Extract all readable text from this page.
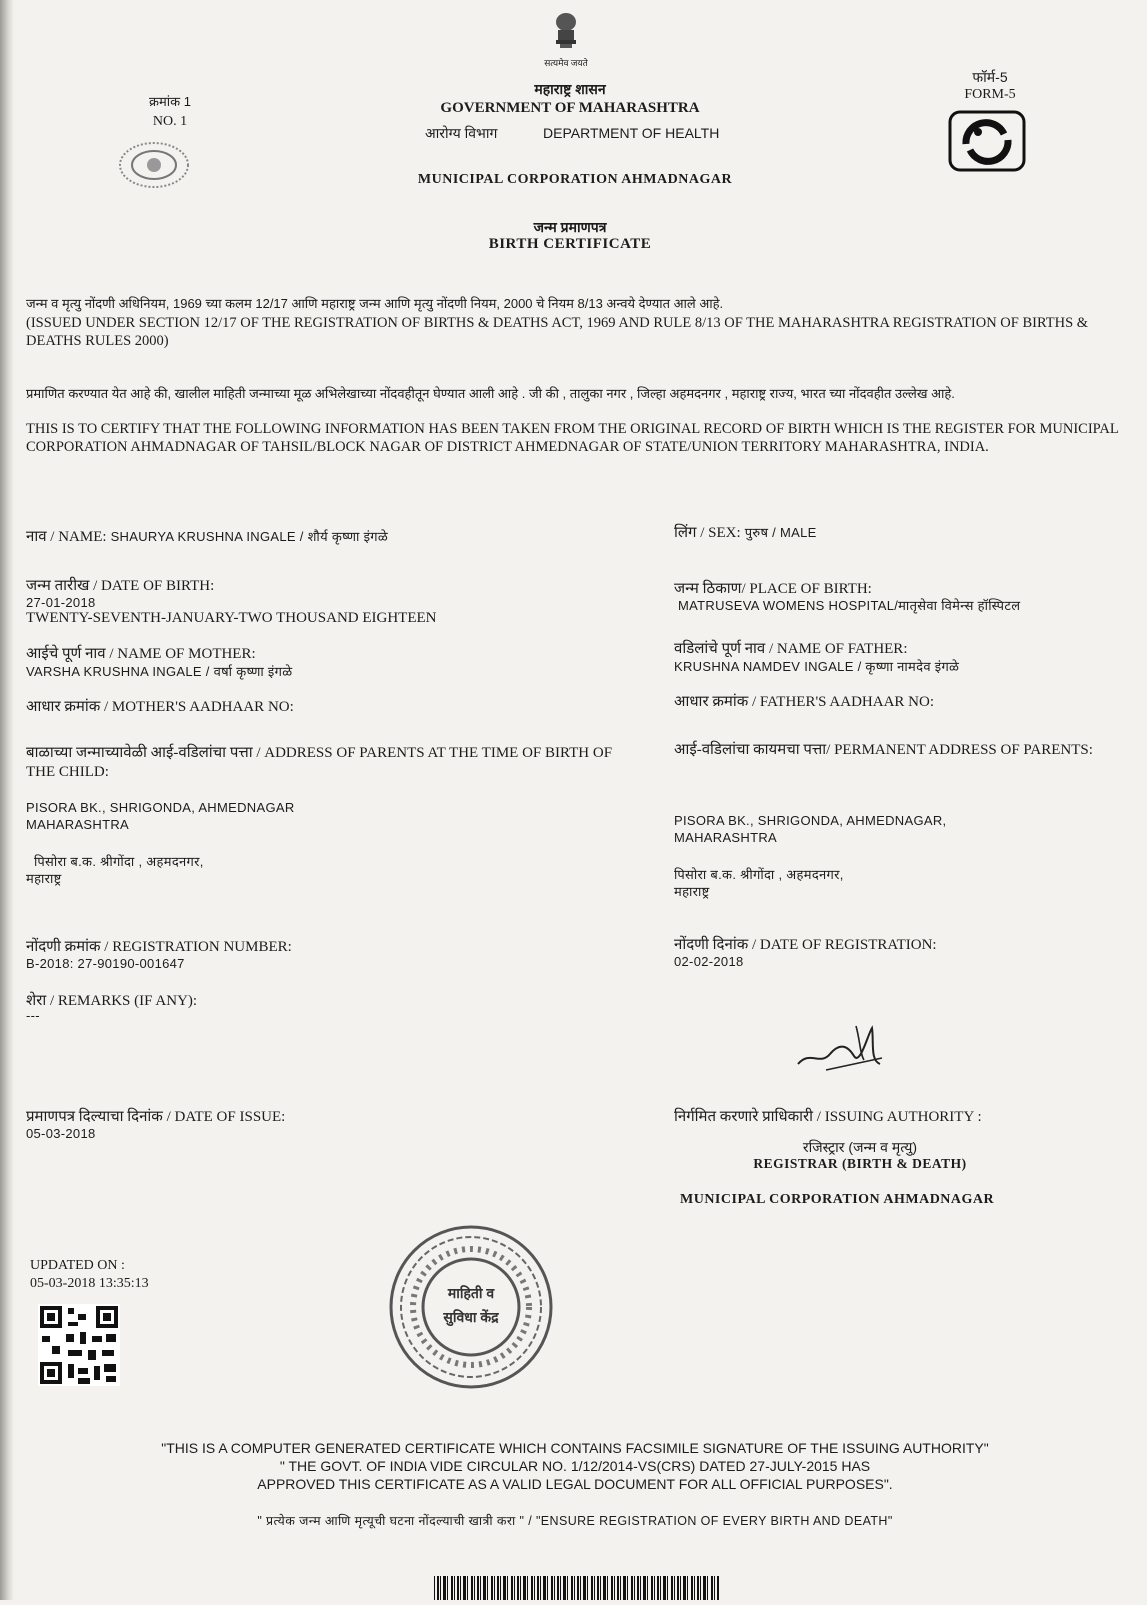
सत्यमेव जयते
क्रमांक 1
NO. 1
महाराष्ट्र शासन
GOVERNMENT OF MAHARASHTRA
आरोग्य विभाग	DEPARTMENT OF HEALTH
फॉर्म-5
FORM-5
MUNICIPAL CORPORATION AHMADNAGAR
जन्म प्रमाणपत्र
BIRTH CERTIFICATE
जन्म व मृत्यु नोंदणी अधिनियम, 1969 च्या कलम 12/17 आणि महाराष्ट्र जन्म आणि मृत्यु नोंदणी नियम, 2000 चे नियम 8/13 अन्वये देण्यात आले आहे.
(ISSUED UNDER SECTION 12/17 OF THE REGISTRATION OF BIRTHS & DEATHS ACT, 1969 AND RULE 8/13 OF THE MAHARASHTRA REGISTRATION OF BIRTHS & DEATHS RULES 2000)
प्रमाणित करण्यात येत आहे की, खालील माहिती जन्माच्या मूळ अभिलेखाच्या नोंदवहीतून घेण्यात आली आहे . जी की , तालुका नगर , जिल्हा अहमदनगर , महाराष्ट्र राज्य, भारत च्या नोंदवहीत उल्लेख आहे.
THIS IS TO CERTIFY THAT THE FOLLOWING INFORMATION HAS BEEN TAKEN FROM THE ORIGINAL RECORD OF BIRTH WHICH IS THE REGISTER FOR MUNICIPAL CORPORATION AHMADNAGAR OF TAHSIL/BLOCK NAGAR OF DISTRICT AHMEDNAGAR OF STATE/UNION TERRITORY MAHARASHTRA, INDIA.
नाव / NAME: SHAURYA KRUSHNA INGALE / शौर्य कृष्णा इंगळे	लिंग / SEX: पुरुष / MALE
जन्म तारीख / DATE OF BIRTH:
27-01-2018
TWENTY-SEVENTH-JANUARY-TWO THOUSAND EIGHTEEN
जन्म ठिकाण/ PLACE OF BIRTH:
MATRUSEVA WOMENS HOSPITAL/मातृसेवा विमेन्स हॉस्पिटल
आईचे पूर्ण नाव / NAME OF MOTHER:
VARSHA KRUSHNA INGALE / वर्षा कृष्णा इंगळे
वडिलांचे पूर्ण नाव / NAME OF FATHER:
KRUSHNA NAMDEV INGALE / कृष्णा नामदेव इंगळे
आधार क्रमांक / MOTHER'S AADHAAR NO:	आधार क्रमांक / FATHER'S AADHAAR NO:
बाळाच्या जन्माच्यावेळी आई-वडिलांचा पत्ता / ADDRESS OF PARENTS AT THE TIME OF BIRTH OF THE CHILD:
PISORA BK., SHRIGONDA, AHMEDNAGAR
MAHARASHTRA
पिसोरा ब.क. श्रीगोंदा , अहमदनगर,
महाराष्ट्र
आई-वडिलांचा कायमचा पत्ता/ PERMANENT ADDRESS OF PARENTS:
PISORA BK., SHRIGONDA, AHMEDNAGAR,
MAHARASHTRA
पिसोरा ब.क. श्रीगोंदा , अहमदनगर,
महाराष्ट्र
नोंदणी क्रमांक / REGISTRATION NUMBER:
B-2018: 27-90190-001647
नोंदणी दिनांक / DATE OF REGISTRATION:
02-02-2018
शेरा / REMARKS (IF ANY):
---
प्रमाणपत्र दिल्याचा दिनांक / DATE OF ISSUE:
05-03-2018
निर्गमित करणारे प्राधिकारी / ISSUING AUTHORITY :
रजिस्ट्रार (जन्म व मृत्यु)
REGISTRAR (BIRTH & DEATH)
MUNICIPAL CORPORATION AHMADNAGAR
UPDATED ON :
05-03-2018 13:35:13
माहिती व
सुविधा केंद्र
"THIS IS A COMPUTER GENERATED CERTIFICATE WHICH CONTAINS FACSIMILE SIGNATURE OF THE ISSUING AUTHORITY"
" THE GOVT. OF INDIA VIDE CIRCULAR NO. 1/12/2014-VS(CRS) DATED 27-JULY-2015 HAS
APPROVED THIS CERTIFICATE AS A VALID LEGAL DOCUMENT FOR ALL OFFICIAL PURPOSES".
" प्रत्येक जन्म आणि मृत्यूची घटना नोंदल्याची खात्री करा " / "ENSURE REGISTRATION OF EVERY BIRTH AND DEATH"
